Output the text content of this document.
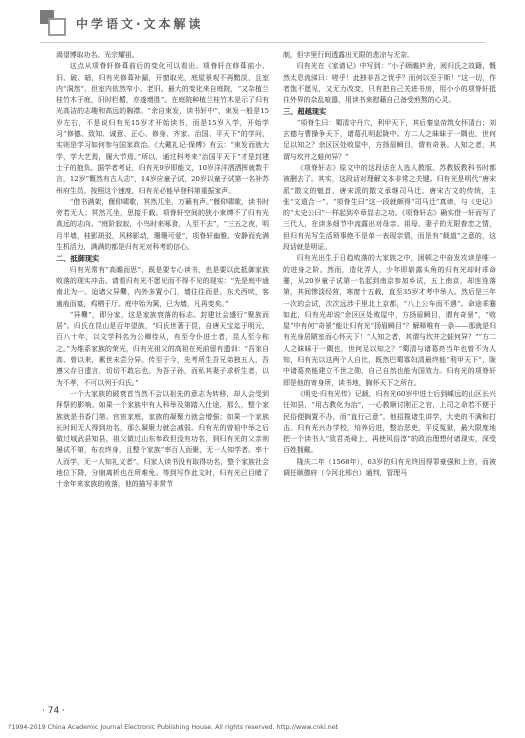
中学语文·文本解读

渴望博取功名、光宗耀祖。

这点从项脊轩修葺前后的变化可以看出。项脊轩在修葺前小、旧、破、暗，归有光修葺补漏，开窗取光，庭屋景观不再黯淡，且室内“洞然”，但室内依然窄小、老旧。最大的变化来自庭院，“又杂植兰桂竹木于庭，旧时栏楯，亦遂增胜”。在庭院种植兰桂竹木是示了归有光高洁的志趣和高远的胸襟。“余自束发，读书轩中”，束发一般是15岁左右，不是说归有光15岁才开始读书，而是15岁入学，开始学习“修德、致知、诚意、正心、修身、齐家、治国、平天下”的学问，实则是学习如何参与国家政治。《大戴礼记·保傅》有云：“束发而就大学，学大艺焉，履大节焉。”所以，通过科考来“治国平天下”才是封建士子的抱负。据学者考证，归有光9岁即能文，10岁洋洋洒洒挥就数千言，12岁“慨然有古人志”，14岁应童子试，20岁以童子试第一名补苏州府生员。按照这个速度，归有光必能早登科第重振家声。

“借书满架，偃仰啸歌，冥然兀坐，万籁有声。”偃仰啸歌，读书时旁若无人；冥然兀坐，思接千载。项脊轩空间的狭小束缚不了归有光高远的志向。“庭阶寂寂，小鸟时来啄食，人至不去”，“三五之夜，明月半墙，桂影斑驳，风移影动，珊珊可爱”，项脊轩幽雅、安静而充满生机活力，满满的都是归有光对科考的信心。

二、抵御现实

归有光常有“高瞻而思”，既是要专心读书，也是要以此抵御家族败落的现实冲击。请看归有光不愿见而不得不见的现实：“先是庭中通南北为一。迨诸父异爨，内外多置小门，墙往往而是。东犬西吠，客逾庖而宴，鸡栖于厅。庭中始为篱，已为墙，凡再变矣。”

“异爨”，即分家，这是家族衰落的标志。封建社会盛行“聚族而居”。归氏在昆山是百年望族，“归氏世著于昆，自唐天宝迄于明元，百八十年，以文学科名为公卿侍从，有至令仆进士者，昆人至今称之。”为维系家族的荣光，归有光祖父的高祖在死前留有遗训：“吾家自高、曾以来，累世未尝分异。传至于今，先考所生吾兄弟独五人，吾遵父存日遗言，切切不敢忘也。为吾子孙，而私其妻子求析生者，以为不孝，不可以列于归氏。”

一个大家族的破衰首当然不会以祖先的意志为转移，却人会受到拜祭的影响。如果一个家族中有人科举及第踏入仕途，那么，整个家族就是书香门第、官宦家庭，家族的凝聚力就会增强；如果一个家族长时间无人得到功名，那么凝聚力就会减弱。归有光的曾祖中举之后做过城武县知县，祖父做过山东参政但没有功名，到归有光的父亲则屡试不第，布衣终身，且整个家族“率百人而聚，无一人知学者。率十人而学，无一人知礼义者”。归家人读书没有取得功名，整个家族社会地位下降，分崩离析也在所难免。等到写作此文时，归有光已目睹了十余年来家族的败落，他的描写非常节

制，但字里行间透露出无限的悲凉与无奈。

归有光在《家谱记》中写到：“小子顾瞻庐舍，阅归氏之故籍，慨然太息流涕曰：嗟乎！此独非吾之忧乎？而何以至于斯！”这一切，作者饱不愿见，又无力改变，只有把自己关进书房，用小小的项脊轩抵住外界的杂乱喧嚣，用读书来慰藉自己备受煎熬的心灵。

三、超越现实

“项脊生曰：蜀清守丹穴，利甲天下，其后秦皇帝筑女怀清台；刘玄德与曹操争天下，诸葛孔明起陇中。方二人之昧昧于一隅也，世何足以知之？余区区处败屋中，方扬眉瞬目，谓有奇景。人知之者，其谓与坎井之蛙何异？”

《项脊轩志》原文中的这段话在人选人教版、苏教版教科书时都被删去了。其实，这段话对理解文本非常之关键。归有光是明代“唐宋派”散文的魁首，唐宋派的散文承继司马迁、唐宋古文的传统，主张“文道合一”。“项脊生曰”这一段就颇得“司马迁”真谛，与《史记》的“太史公曰”一样起到卒章显志之功。《项脊轩志》确实借一轩而写了三代人，在读多细节中流露出对母亲、祖母、妻子的无限眷恋之情，但归有光写生活琐事绝不是单一表现亲情，而是有“载道”之意的，这段话就是明证。

归有光出生于日趋败落的大家族之中，困顿之中奋发攻读是唯一的进身之阶。然而，造化弄人，少年即崭露头角的归有光却时乖命蹇，从20岁童子试第一名起到南京参加乡试，五上南京，却连连落第，其间惨淡经营，寒窗十五载，直至35岁才考中举人。然后是三年一次的会试，次次远涉千里北上京都，“八上公车而不遇”。命途乖蹇如此，归有光却说“余区区处败屋中，方扬眉瞬目，谓有奇景”，“败屋”中有何“奇景”能让归有光“扬眉瞬目”？解释唯有一条——那就是归有光身居陋室而心怀天下！“人知之者，其谓与坎井之蛙何异？”“方二人之昧昧于一隅也，世何足以知之？”蜀清与诸葛亮当年也曾不为人知，归有光以这两个人自比，既然巴蜀寡妇清最终能“利甲天下”，陇中诸葛亮能建立不世之勋，自己自然也能为国效力。归有光的项脊轩即是他的寄身所，读书地，胸怀天下之所在。

《明史·归有光传》记载，归有光60岁中进士后到嵊远的山区长兴任知县，“用古教化为治”，一心教顺讨刚正之官，上司之命若不便于民俗便搁置不办，而“直行己意”。他招揽诸生讲学，大吏的不满和打击。归有光兴办学校，培养后进，整治恶吏，平反冤狱，最大限度地把一个读书人“致君尧舜上，再使风俗淳”的政治理想付诸现实，深受百姓拥戴。

隆庆二年（1568年），63岁的归有光终因得罪豪强和上官，而被调任顺德府（今河北邢台）通判，管理马

· 74 ·
?1994-2019 China Academic Journal Electronic Publishing House. All rights reserved. http://www.cnki.net
